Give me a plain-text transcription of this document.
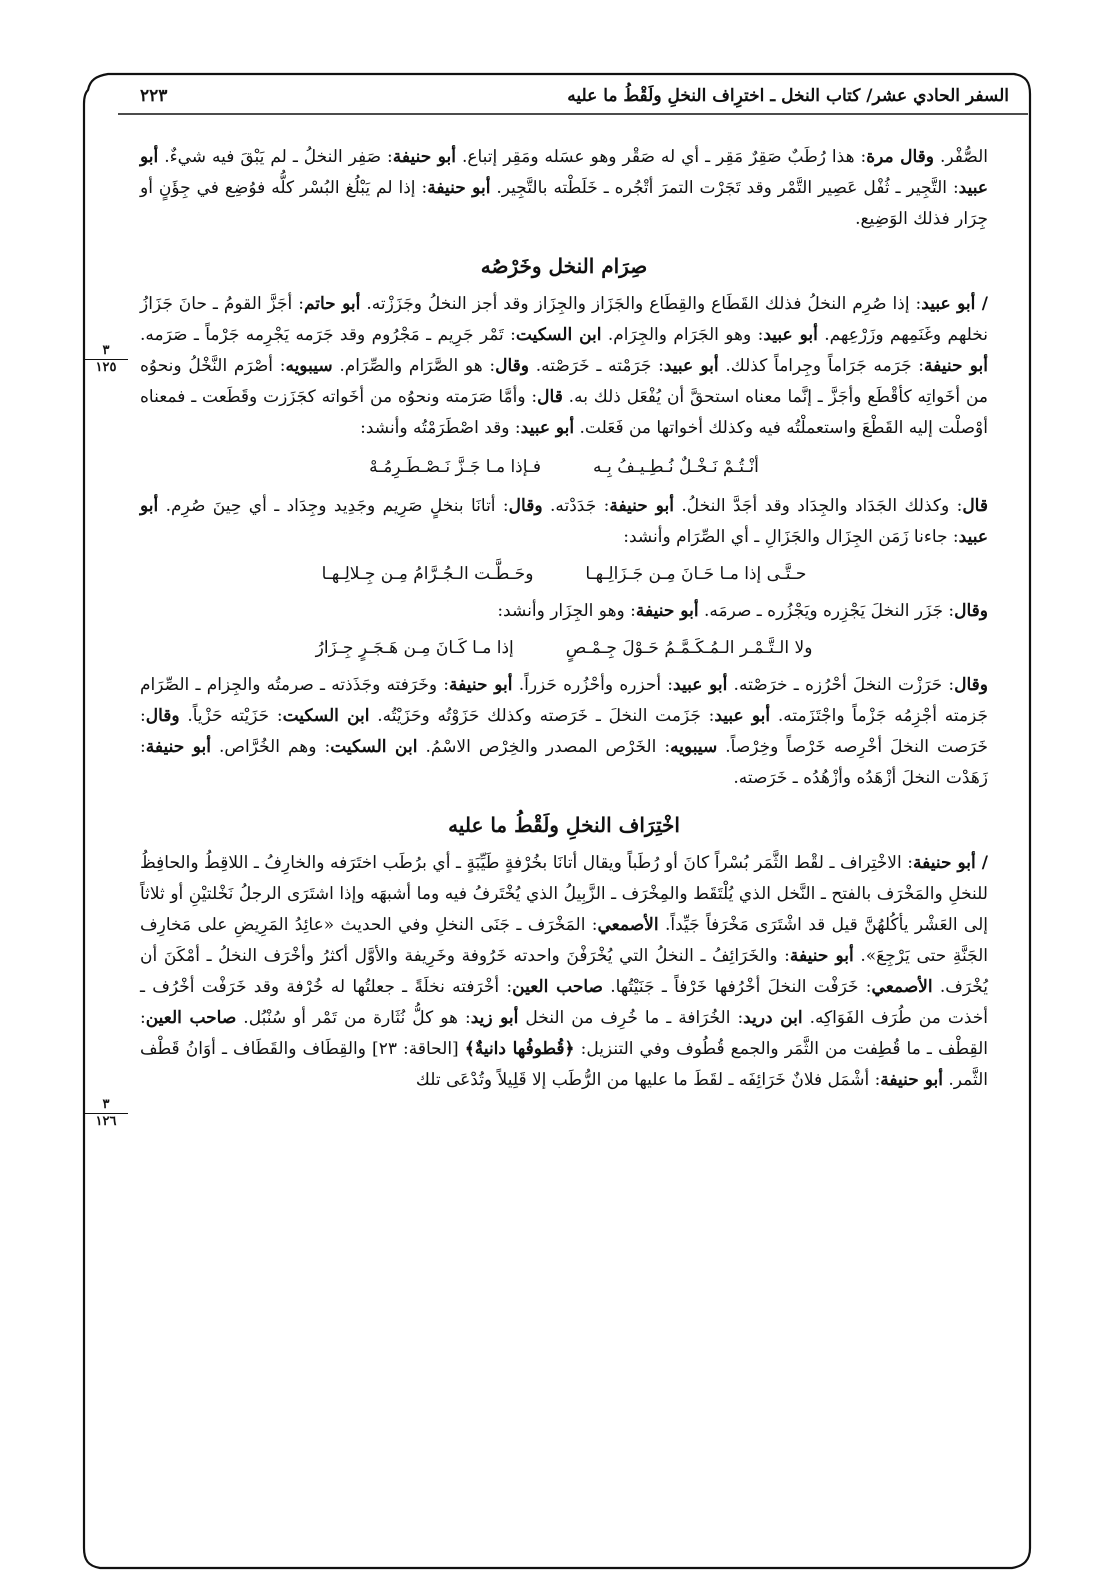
السفر الحادي عشر/ كتاب النخل ـ اخترِاف النخلِ ولَقْطُ ما عليه
٢٢٣
٣
١٢٥
٣
١٢٦

الصُّفْر. وقال مرة: هذا رُطَبٌ صَقِرٌ مَقِر ـ أي له صَقْر وهو عسَله ومَقِر إتباع. أبو حنيفة: صَفِر النخلُ ـ لم يَبْقَ فيه شيءٌ. أبو عبيد: التَّجِير ـ ثُفْل عَصِير التَّمْر وقد تَجَرْت التمرَ أتْجُره ـ خَلَطْته بالتَّجِير. أبو حنيفة: إذا لم يَبْلُغ البُسْر كلُّه فوُضِع في جِؤَنٍ أو جِرَار فذلك الوَضِيع.

صِرَام النخل وخَرْصُه

/ أبو عبيد: إذا صُرِم النخلُ فذلك القَطَاع والقِطَاع والجَزَاز والجِزَاز وقد أجز النخلُ وجَزَزْته. أبو حاتم: أجَزَّ القومُ ـ حانَ جَزَازُ نخلهم وغَنَمِهم وزَرْعِهم. أبو عبيد: وهو الجَرَام والجِرَام. ابن السكيت: تَمْر جَرِيم ـ مَجْرُوم وقد جَرَمه يَجْرِمه جَرْماً ـ صَرَمه. أبو حنيفة: جَرَمه جَرَاماً وجِراماً كذلك. أبو عبيد: جَرَمْته ـ خَرَصْته. وقال: هو الصَّرَام والصِّرَام. سيبويه: أصْرَم النَّخْلُ ونحوُه من أخَواتِه كأقْطَع وأجَزَّ ـ إنَّما معناه استحقَّ أن يُفْعَل ذلك به. قال: وأمَّا صَرَمته ونحوُه من أخَواته كجَزَزت وقَطَعت ـ فمعناه أوْصلْت إليه القَطْعَ واستعملْتُه فيه وكذلك أخواتها من فَعَلت. أبو عبيد: وقد اصْطَرَمْتُه وأنشد:

أنْـتُـمْ نَـخْـلٌ نُـطِـيـفُ بِـه
فـإذا مـا جَـزَّ نَـصْـطَـرِمُـهْ

قال: وكذلك الجَدَاد والجِدَاد وقد أجَدَّ النخلُ. أبو حنيفة: جَدَدْته. وقال: أتانَا بنخلٍ صَرِيم وجَدِيد وجِدَاد ـ أي حِينَ صُرِم. أبو عبيد: جاءنا زَمَن الجِزَال والجَزَالِ ـ أي الصِّرَام وأنشد:

حـتَّـى إذا مـا حَـانَ مِـن جَـزَالِـهـا
وحَـطَّـت الـجُـرَّامُ مِـن جِـلالِـهـا

وقال: جَزَر النخلَ يَجْزِره ويَجْزُره ـ صرمَه. أبو حنيفة: وهو الجِزَار وأنشد:

ولا الـتَّـمْـر الـمُـكَـمَّـمُ حَـوْلَ جِـمْـصٍ
إذا مـا كَـانَ مِـن هَـجَـرٍ جِـزَارُ

وقال: حَرَزْت النخلَ أحْرُزه ـ خرَصْته. أبو عبيد: أحزره وأحْزُره حَزراً. أبو حنيفة: وخَرَفته وجَذَذته ـ صرمتُه والجِزام ـ الصِّرَام جَزمته أجْزِمُه جَزْماً واجْتَزَمته. أبو عبيد: جَزَمت النخلَ ـ خَرَصته وكذلك حَزَوْتُه وحَزَيْتُه. ابن السكيت: حَزَيْته حَزْياً. وقال: خَرَصت النخلَ أخْرِصه خَرْصاً وخِرْصاً. سيبويه: الخَرْص المصدر والخِرْص الاسْمُ. ابن السكيت: وهم الخُرَّاص. أبو حنيفة: زَهَدْت النخلَ أزْهَدُه وأزْهُدُه ـ خَرَصته.

اخْتِرَاف النخلِ ولَقْطُ ما عليه

/ أبو حنيفة: الاخْتِراف ـ لقْط الثَّمَر بُسْراً كانَ أو رُطَباً ويقال أتانَا بخُرْفةٍ طَيِّبَةٍ ـ أي برُطَب اختَرَفه والخارِفُ ـ اللاقِطُ والحافِظُ للنخلِ والمَخْرَف بالفتح ـ النَّخل الذي يُلْتَقَط والمِخْرَف ـ الزَّبِيلُ الذي يُخْتَرفُ فيه وما أشبهَه وإذا اشتَرَى الرجلُ نَخْلتيْنِ أو ثلاثاً إلى العَشْر يأكُلهُنَّ قيل قد اشْتَرَى مَخْرَفاً جَيِّداً. الأصمعي: المَخْرَف ـ جَنَى النخلِ وفي الحديث «عائِدُ المَرِيضِ على مَخارِف الجَنَّةِ حتى يَرْجِعَ». أبو حنيفة: والخَرَائِفُ ـ النخلُ التي يُخْرَفْنَ واحدته خَرُوفة وخَرِيفة والأوَّل أكثرُ وأخْرَف النخلُ ـ أمْكَنَ أن يُخْرَف. الأصمعي: خَرَفْت النخلَ أخْرُفها خَرْفاً ـ جَنَيْتُها. صاحب العين: أخْرَفته نخلَةً ـ جعلتُها له خُرْفة وقد خَرَفْت أخْرُف ـ أخذت من طُرَف الفَوَاكِه. ابن دريد: الخُرَافة ـ ما خُرِف من النخل أبو زيد: هو كلُّ نُثَارة من تَمْر أو سُنْبُل. صاحب العين: القِطْف ـ ما قُطِفت من الثَّمَر والجمع قُطُوف وفي التنزيل: ﴿قُطوفُها دانيةٌ﴾ [الحاقة: ٢٣] والقِطَاف والقَطَاف ـ أوَانُ قَطْف الثَّمر. أبو حنيفة: أشْمَل فلانٌ خَرَائِفَه ـ لقَطَ ما عليها من الرُّطَب إلا قَلِيلاً وتُدْعَى تلك
